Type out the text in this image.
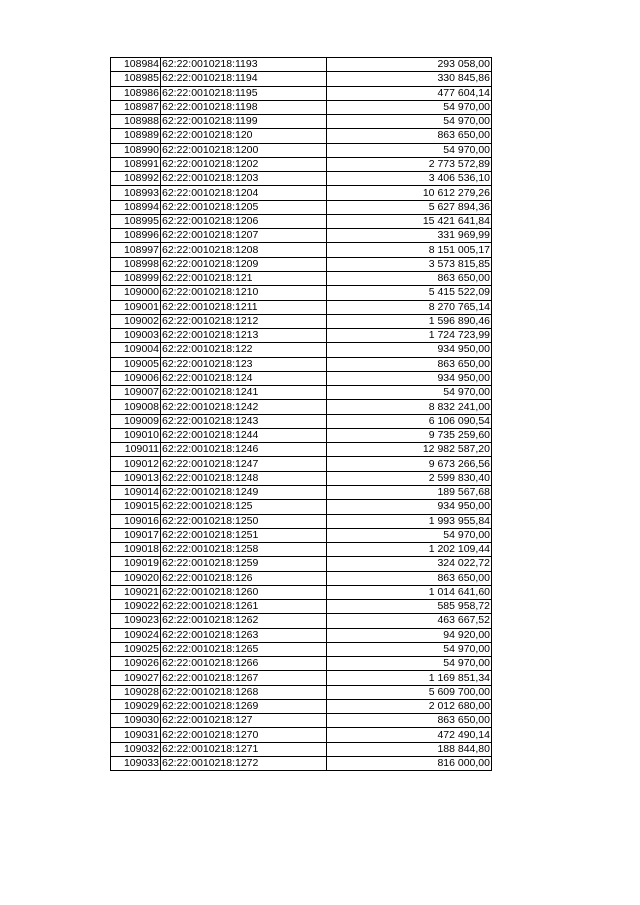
108984	62:22:0010218:1193	293 058,00
108985	62:22:0010218:1194	330 845,86
108986	62:22:0010218:1195	477 604,14
108987	62:22:0010218:1198	54 970,00
108988	62:22:0010218:1199	54 970,00
108989	62:22:0010218:120	863 650,00
108990	62:22:0010218:1200	54 970,00
108991	62:22:0010218:1202	2 773 572,89
108992	62:22:0010218:1203	3 406 536,10
108993	62:22:0010218:1204	10 612 279,26
108994	62:22:0010218:1205	5 627 894,36
108995	62:22:0010218:1206	15 421 641,84
108996	62:22:0010218:1207	331 969,99
108997	62:22:0010218:1208	8 151 005,17
108998	62:22:0010218:1209	3 573 815,85
108999	62:22:0010218:121	863 650,00
109000	62:22:0010218:1210	5 415 522,09
109001	62:22:0010218:1211	8 270 765,14
109002	62:22:0010218:1212	1 596 890,46
109003	62:22:0010218:1213	1 724 723,99
109004	62:22:0010218:122	934 950,00
109005	62:22:0010218:123	863 650,00
109006	62:22:0010218:124	934 950,00
109007	62:22:0010218:1241	54 970,00
109008	62:22:0010218:1242	8 832 241,00
109009	62:22:0010218:1243	6 106 090,54
109010	62:22:0010218:1244	9 735 259,60
109011	62:22:0010218:1246	12 982 587,20
109012	62:22:0010218:1247	9 673 266,56
109013	62:22:0010218:1248	2 599 830,40
109014	62:22:0010218:1249	189 567,68
109015	62:22:0010218:125	934 950,00
109016	62:22:0010218:1250	1 993 955,84
109017	62:22:0010218:1251	54 970,00
109018	62:22:0010218:1258	1 202 109,44
109019	62:22:0010218:1259	324 022,72
109020	62:22:0010218:126	863 650,00
109021	62:22:0010218:1260	1 014 641,60
109022	62:22:0010218:1261	585 958,72
109023	62:22:0010218:1262	463 667,52
109024	62:22:0010218:1263	94 920,00
109025	62:22:0010218:1265	54 970,00
109026	62:22:0010218:1266	54 970,00
109027	62:22:0010218:1267	1 169 851,34
109028	62:22:0010218:1268	5 609 700,00
109029	62:22:0010218:1269	2 012 680,00
109030	62:22:0010218:127	863 650,00
109031	62:22:0010218:1270	472 490,14
109032	62:22:0010218:1271	188 844,80
109033	62:22:0010218:1272	816 000,00
